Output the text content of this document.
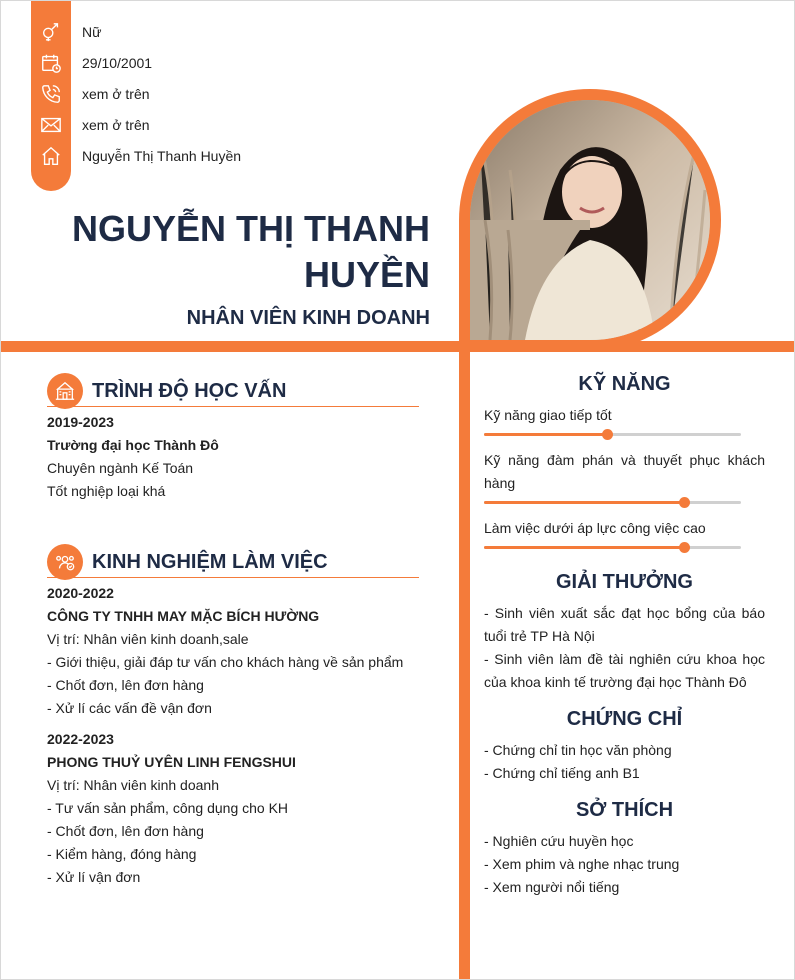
Nữ
29/10/2001
xem ở trên
xem ở trên
Nguyễn Thị Thanh Huyền
NGUYỄN THỊ THANH
HUYỀN
NHÂN VIÊN KINH DOANH
TRÌNH ĐỘ HỌC VẤN
2019-2023
Trường đại học Thành Đô
Chuyên ngành Kế Toán
Tốt nghiệp loại khá
KINH NGHIỆM LÀM VIỆC
2020-2022
CÔNG TY TNHH MAY MẶC BÍCH HƯỜNG
Vị trí: Nhân viên kinh doanh,sale
- Giới thiệu, giải đáp tư vấn cho khách hàng về sản phẩm
- Chốt đơn, lên đơn hàng
- Xử lí các vấn đề vận đơn
2022-2023
PHONG THUỶ UYÊN LINH FENGSHUI
Vị trí: Nhân viên kinh doanh
- Tư vấn sản phẩm, công dụng cho KH
- Chốt đơn, lên đơn hàng
- Kiểm hàng, đóng hàng
- Xử lí vận đơn
KỸ NĂNG
Kỹ năng giao tiếp tốt
Kỹ năng đàm phán và thuyết phục khách hàng
Làm việc dưới áp lực công việc cao
GIẢI THƯỞNG
- Sinh viên xuất sắc đạt học bổng của báo tuổi trẻ TP Hà Nội
- Sinh viên làm đề tài nghiên cứu khoa học của khoa kinh tế trường đại học Thành Đô
CHỨNG CHỈ
- Chứng chỉ tin học văn phòng
- Chứng chỉ tiếng anh B1
SỞ THÍCH
- Nghiên cứu huyền học
- Xem phim và nghe nhạc trung
- Xem người nổi tiếng
